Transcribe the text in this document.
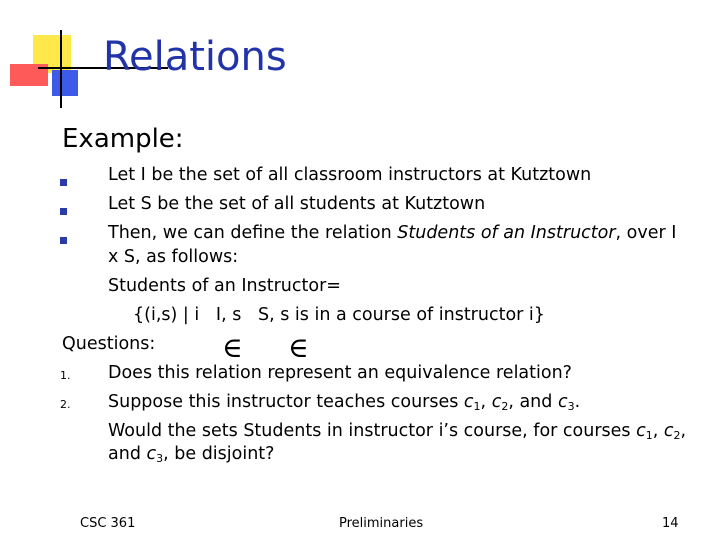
Relations
Example:
Let I be the set of all classroom instructors at Kutztown
Let S be the set of all students at Kutztown
Then, we can define the relation Students of an Instructor, over I
x S, as follows:
Students of an Instructor=
{(i,s) | i   I, s   S, s is in a course of instructor i}
∈ ∈
Questions:
1. Does this relation represent an equivalence relation?
2. Suppose this instructor teaches courses $c_1$, $c_2$, and $c_3$.
Would the sets Students in instructor i’s course, for courses $c_1$, $c_2$,
and $c_3$, be disjoint?
CSC 361	Preliminaries	14
